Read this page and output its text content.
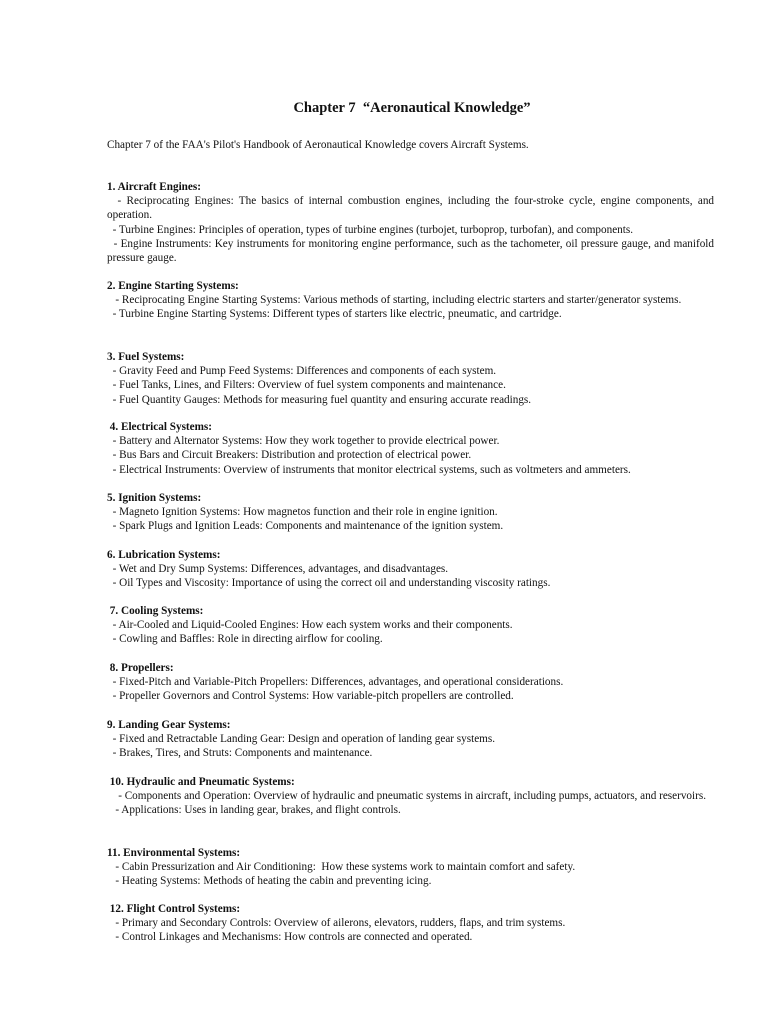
Chapter 7  “Aeronautical Knowledge”
Chapter 7 of the FAA's Pilot's Handbook of Aeronautical Knowledge covers Aircraft Systems.
1. Aircraft Engines:
- Reciprocating Engines: The basics of internal combustion engines, including the four-stroke cycle, engine components, and operation.
- Turbine Engines: Principles of operation, types of turbine engines (turbojet, turboprop, turbofan), and components.
- Engine Instruments: Key instruments for monitoring engine performance, such as the tachometer, oil pressure gauge, and manifold pressure gauge.
2. Engine Starting Systems:
- Reciprocating Engine Starting Systems: Various methods of starting, including electric starters and starter/generator systems.
- Turbine Engine Starting Systems: Different types of starters like electric, pneumatic, and cartridge.
3. Fuel Systems:
- Gravity Feed and Pump Feed Systems: Differences and components of each system.
- Fuel Tanks, Lines, and Filters: Overview of fuel system components and maintenance.
- Fuel Quantity Gauges: Methods for measuring fuel quantity and ensuring accurate readings.
4. Electrical Systems:
- Battery and Alternator Systems: How they work together to provide electrical power.
- Bus Bars and Circuit Breakers: Distribution and protection of electrical power.
- Electrical Instruments: Overview of instruments that monitor electrical systems, such as voltmeters and ammeters.
5. Ignition Systems:
- Magneto Ignition Systems: How magnetos function and their role in engine ignition.
- Spark Plugs and Ignition Leads: Components and maintenance of the ignition system.
6. Lubrication Systems:
- Wet and Dry Sump Systems: Differences, advantages, and disadvantages.
- Oil Types and Viscosity: Importance of using the correct oil and understanding viscosity ratings.
7. Cooling Systems:
- Air-Cooled and Liquid-Cooled Engines: How each system works and their components.
- Cowling and Baffles: Role in directing airflow for cooling.
8. Propellers:
- Fixed-Pitch and Variable-Pitch Propellers: Differences, advantages, and operational considerations.
- Propeller Governors and Control Systems: How variable-pitch propellers are controlled.
9. Landing Gear Systems:
- Fixed and Retractable Landing Gear: Design and operation of landing gear systems.
- Brakes, Tires, and Struts: Components and maintenance.
10. Hydraulic and Pneumatic Systems:
- Components and Operation: Overview of hydraulic and pneumatic systems in aircraft, including pumps, actuators, and reservoirs.
- Applications: Uses in landing gear, brakes, and flight controls.
11. Environmental Systems:
- Cabin Pressurization and Air Conditioning:  How these systems work to maintain comfort and safety.
- Heating Systems: Methods of heating the cabin and preventing icing.
12. Flight Control Systems:
- Primary and Secondary Controls: Overview of ailerons, elevators, rudders, flaps, and trim systems.
- Control Linkages and Mechanisms: How controls are connected and operated.
